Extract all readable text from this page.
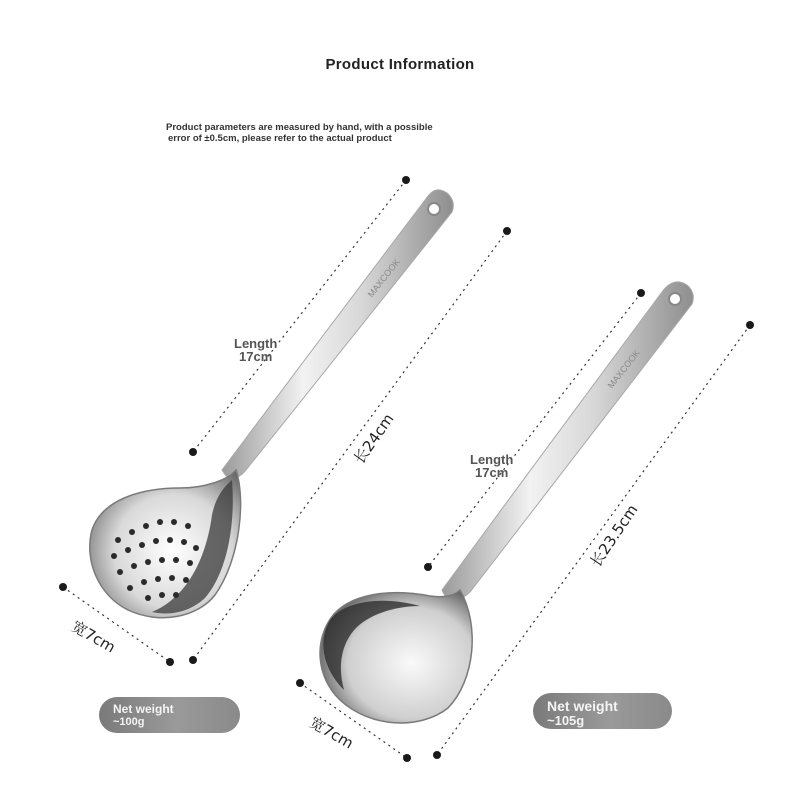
Product Information
Product parameters are measured by hand, with a possible
error of ±0.5cm, please refer to the actual product
MAXCOOK
MAXCOOK
Length
17cm
长24cm
宽7cm
Net weight
~100g
Length
17cm
长23.5cm
宽7cm
Net weight
~105g
